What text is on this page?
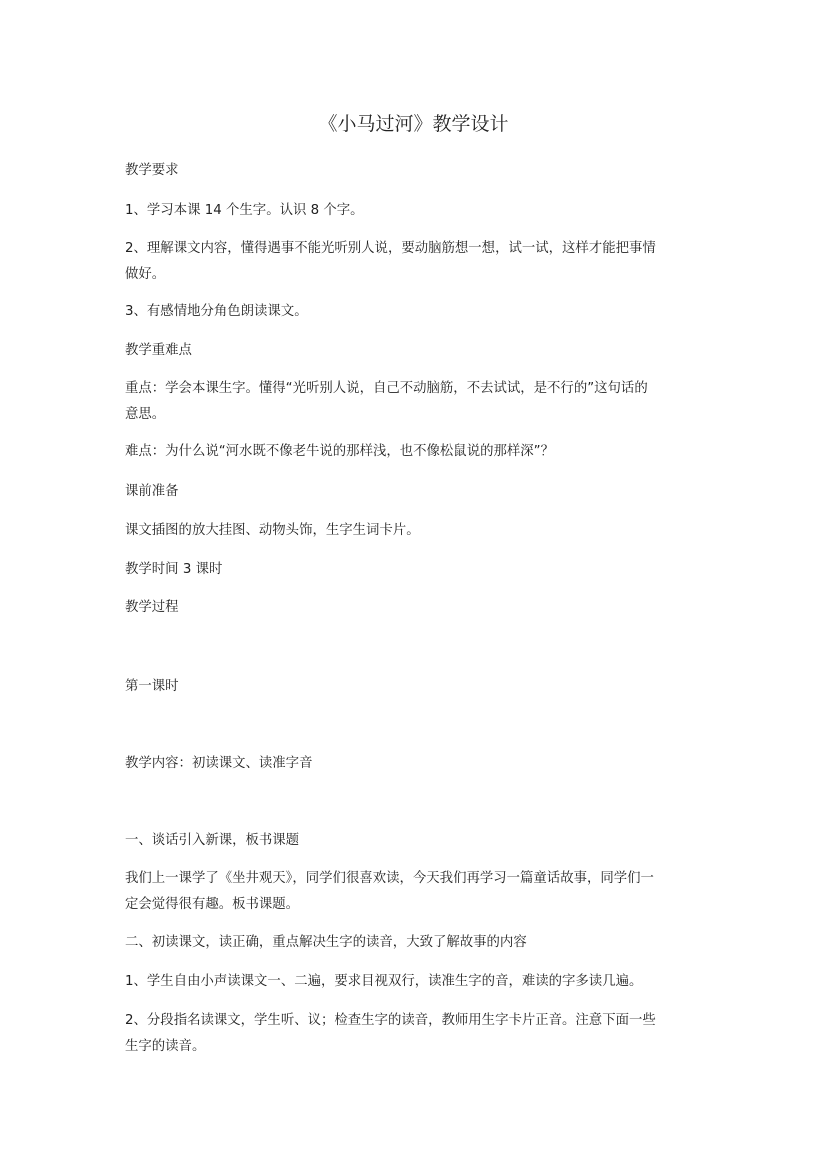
《小马过河》教学设计
教学要求
1、学习本课 14 个生字。认识 8 个字。
2、理解课文内容，懂得遇事不能光听别人说，要动脑筋想一想，试一试，这样才能把事情
做好。
3、有感情地分角色朗读课文。
教学重难点
重点：学会本课生字。懂得“光听别人说，自己不动脑筋，不去试试，是不行的”这句话的
意思。
难点：为什么说“河水既不像老牛说的那样浅，也不像松鼠说的那样深”？
课前准备
课文插图的放大挂图、动物头饰，生字生词卡片。
教学时间 3 课时
教学过程
第一课时
教学内容：初读课文、读准字音
一、谈话引入新课，板书课题
我们上一课学了《坐井观天》，同学们很喜欢读，今天我们再学习一篇童话故事，同学们一
定会觉得很有趣。板书课题。
二、初读课文，读正确，重点解决生字的读音，大致了解故事的内容
1、学生自由小声读课文一、二遍，要求目视双行，读准生字的音，难读的字多读几遍。
2、分段指名读课文，学生听、议；检查生字的读音，教师用生字卡片正音。注意下面一些
生字的读音。
